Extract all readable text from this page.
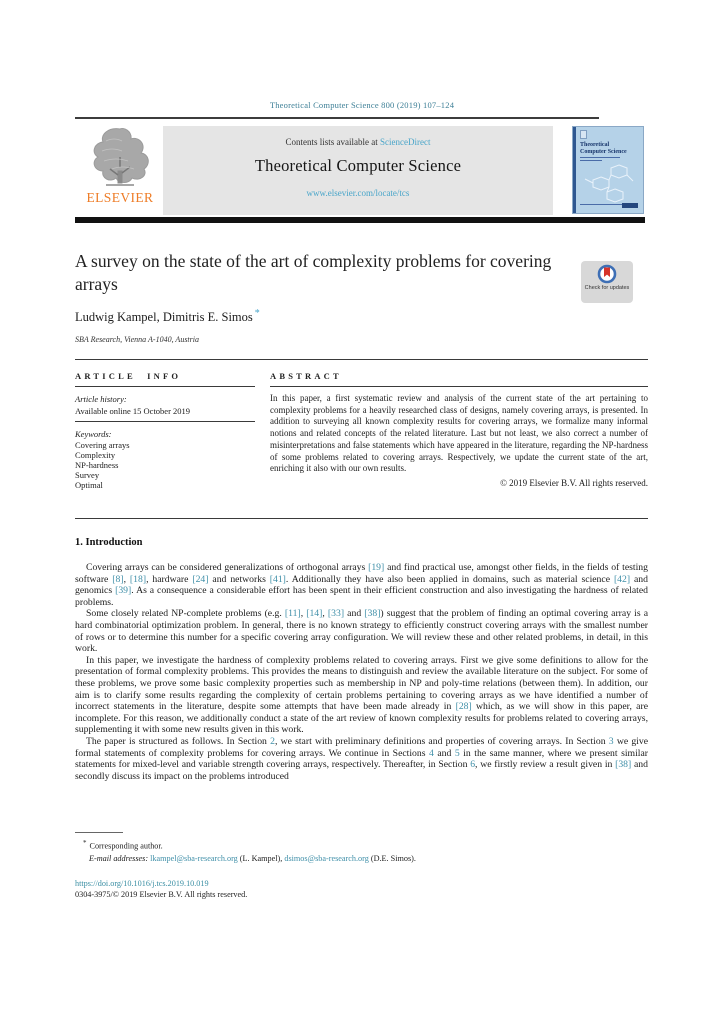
Theoretical Computer Science 800 (2019) 107–124
ELSEVIER
Contents lists available at ScienceDirect
Theoretical Computer Science
www.elsevier.com/locate/tcs
Theoretical
Computer Science
A survey on the state of the art of complexity problems for covering arrays
Ludwig Kampel, Dimitris E. Simos *
SBA Research, Vienna A-1040, Austria
Check for updates
ARTICLE INFO
Article history:
Available online 15 October 2019
Keywords:
Covering arrays
Complexity
NP-hardness
Survey
Optimal
ABSTRACT
In this paper, a first systematic review and analysis of the current state of the art pertaining to complexity problems for a heavily researched class of designs, namely covering arrays, is presented. In addition to surveying all known complexity results for covering arrays, we formalize many informal notions and related concepts of the related literature. Last but not least, we also correct a number of misinterpretations and false statements which have appeared in the literature, regarding the NP-hardness of some problems related to covering arrays. Respectively, we update the current state of the art, enriching it also with our own results.
© 2019 Elsevier B.V. All rights reserved.
1. Introduction

Covering arrays can be considered generalizations of orthogonal arrays [19] and find practical use, amongst other fields, in the fields of testing software [8], [18], hardware [24] and networks [41]. Additionally they have also been applied in domains, such as material science [42] and genomics [39]. As a consequence a considerable effort has been spent in their efficient construction and also investigating the hardness of related problems.

Some closely related NP-complete problems (e.g. [11], [14], [33] and [38]) suggest that the problem of finding an optimal covering array is a hard combinatorial optimization problem. In general, there is no known strategy to efficiently construct covering arrays with the smallest number of rows or to determine this number for a specific covering array configuration. We will review these and other related problems, in detail, in this work.

In this paper, we investigate the hardness of complexity problems related to covering arrays. First we give some definitions to allow for the presentation of formal complexity problems. This provides the means to distinguish and review the available literature on the subject. For some of these problems, we prove some basic complexity properties such as membership in NP and poly-time relations (between them). In addition, our aim is to clarify some results regarding the complexity of certain problems pertaining to covering arrays as we have identified a number of incorrect statements in the literature, despite some attempts that have been made already in [28] which, as we will show in this paper, are incomplete. For this reason, we additionally conduct a state of the art review of known complexity results for problems related to covering arrays, supplementing it with some new results given in this work.

The paper is structured as follows. In Section 2, we start with preliminary definitions and properties of covering arrays. In Section 3 we give formal statements of complexity problems for covering arrays. We continue in Sections 4 and 5 in the same manner, where we present similar statements for mixed-level and variable strength covering arrays, respectively. Thereafter, in Section 6, we firstly review a result given in [38] and secondly discuss its impact on the problems introduced

* Corresponding author.
E-mail addresses: lkampel@sba-research.org (L. Kampel), dsimos@sba-research.org (D.E. Simos).
https://doi.org/10.1016/j.tcs.2019.10.019
0304-3975/© 2019 Elsevier B.V. All rights reserved.
